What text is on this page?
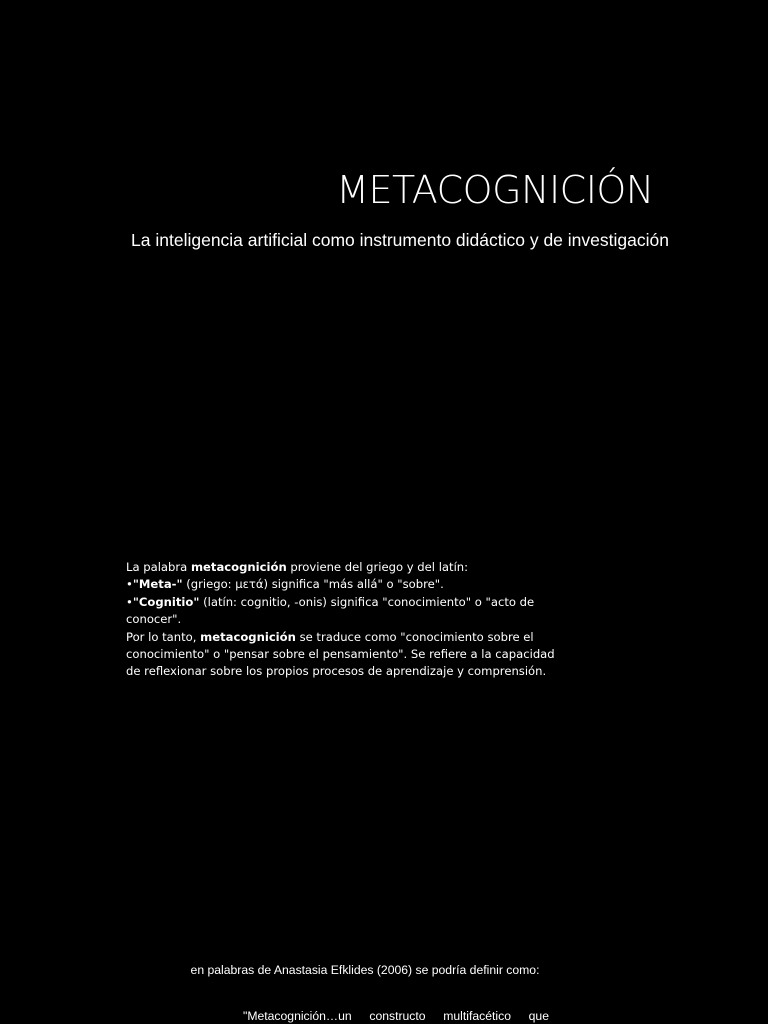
METACOGNICIÓN
La inteligencia artificial como instrumento didáctico y de investigación

La palabra metacognición proviene del griego y del latín:

•"Meta-" (griego: μετά) significa "más allá" o "sobre".

•"Cognitio" (latín: cognitio, -onis) significa "conocimiento" o "acto de conocer".

Por lo tanto, metacognición se traduce como "conocimiento sobre el conocimiento" o "pensar sobre el pensamiento". Se refiere a la capacidad de reflexionar sobre los propios procesos de aprendizaje y comprensión.

en palabras de Anastasia Efklides (2006) se podría definir como:
"Metacognición…un constructo multifacético que
